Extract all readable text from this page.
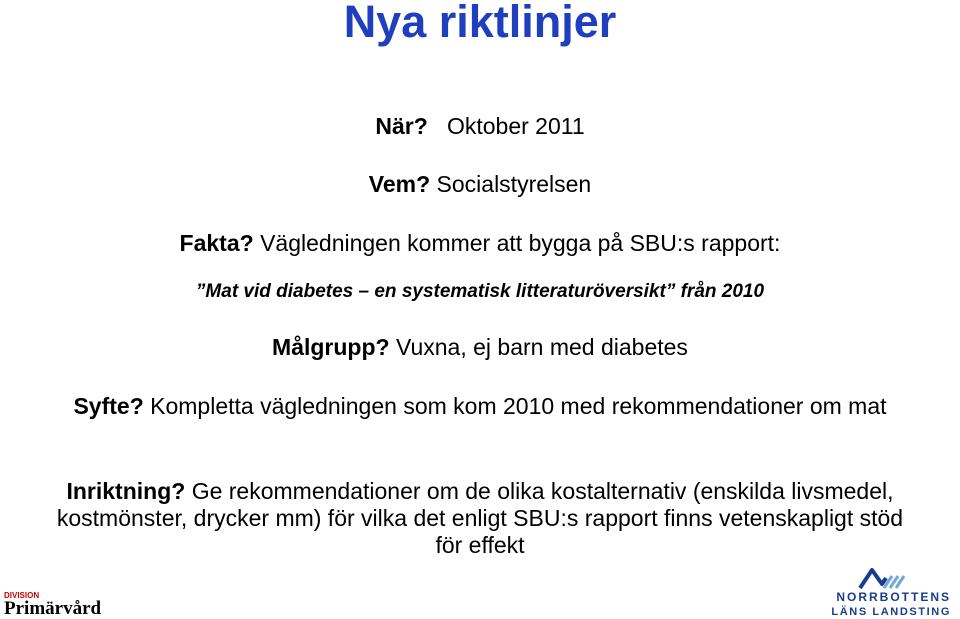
Nya riktlinjer
När? Oktober 2011
Vem? Socialstyrelsen
Fakta? Vägledningen kommer att bygga på SBU:s rapport:
”Mat vid diabetes – en systematisk litteraturöversikt” från 2010
Målgrupp? Vuxna, ej barn med diabetes
Syfte? Kompletta vägledningen som kom 2010 med rekommendationer om mat
Inriktning? Ge rekommendationer om de olika kostalternativ (enskilda livsmedel, kostmönster, drycker mm) för vilka det enligt SBU:s rapport finns vetenskapligt stöd för effekt
DIVISION
Primärvård
NORRBOTTENS
LÄNS LANDSTING
